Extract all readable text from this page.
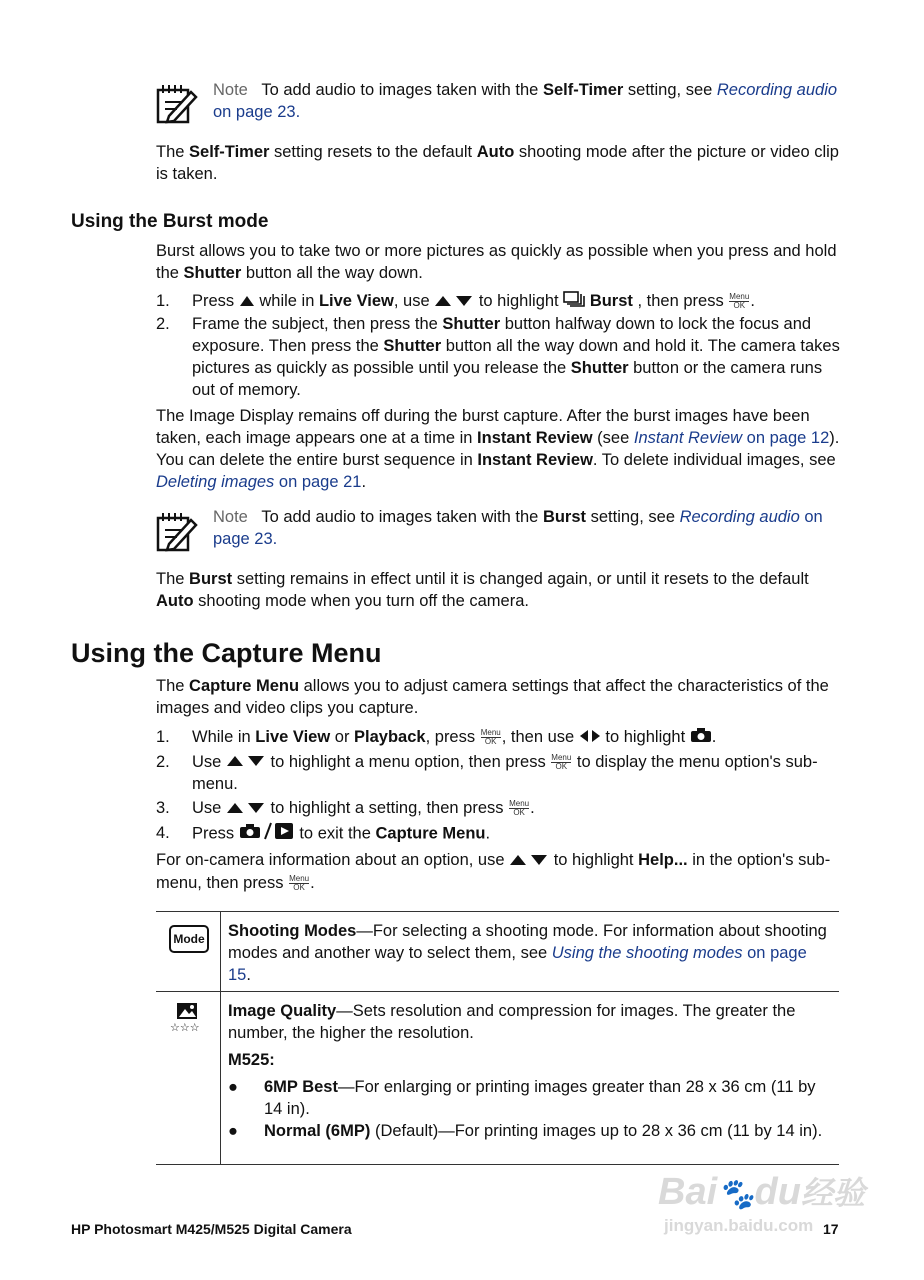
Note To add audio to images taken with the Self-Timer setting, see Recording audio on page 23.
The Self-Timer setting resets to the default Auto shooting mode after the picture or video clip is taken.
Using the Burst mode
Burst allows you to take two or more pictures as quickly as possible when you press and hold the Shutter button all the way down.
1. Press  while in Live View, use  to highlight  Burst , then press Menu
OK .
2. Frame the subject, then press the Shutter button halfway down to lock the focus and exposure. Then press the Shutter button all the way down and hold it. The camera takes pictures as quickly as possible until you release the Shutter button or the camera runs out of memory.
The Image Display remains off during the burst capture. After the burst images have been taken, each image appears one at a time in Instant Review (see Instant Review on page 12). You can delete the entire burst sequence in Instant Review. To delete individual images, see Deleting images on page 21.
Note To add audio to images taken with the Burst setting, see Recording audio on page 23.
The Burst setting remains in effect until it is changed again, or until it resets to the default Auto shooting mode when you turn off the camera.
Using the Capture Menu
The Capture Menu allows you to adjust camera settings that affect the characteristics of the images and video clips you capture.
1. While in Live View or Playback, press Menu
OK , then use  to highlight .
2. Use  to highlight a menu option, then press Menu
OK to display the menu option's sub-menu.
3. Use  to highlight a setting, then press Menu
OK .
4. Press	to exit the Capture Menu.
For on-camera information about an option, use  to highlight Help... in the option's sub-menu, then press Menu
OK .
Mode Shooting Modes—For selecting a shooting mode. For information about shooting modes and another way to select them, see Using the shooting modes on page 15.
☆☆☆
Image Quality—Sets resolution and compression for images. The greater the number, the higher the resolution.
M525:
● 6MP Best—For enlarging or printing images greater than 28 x 36 cm (11 by 14 in).
● Normal (6MP) (Default)—For printing images up to 28 x 36 cm (11 by 14 in).
HP Photosmart M425/M525 Digital Camera	17
Bai🐾du经验
jingyan.baidu.com
